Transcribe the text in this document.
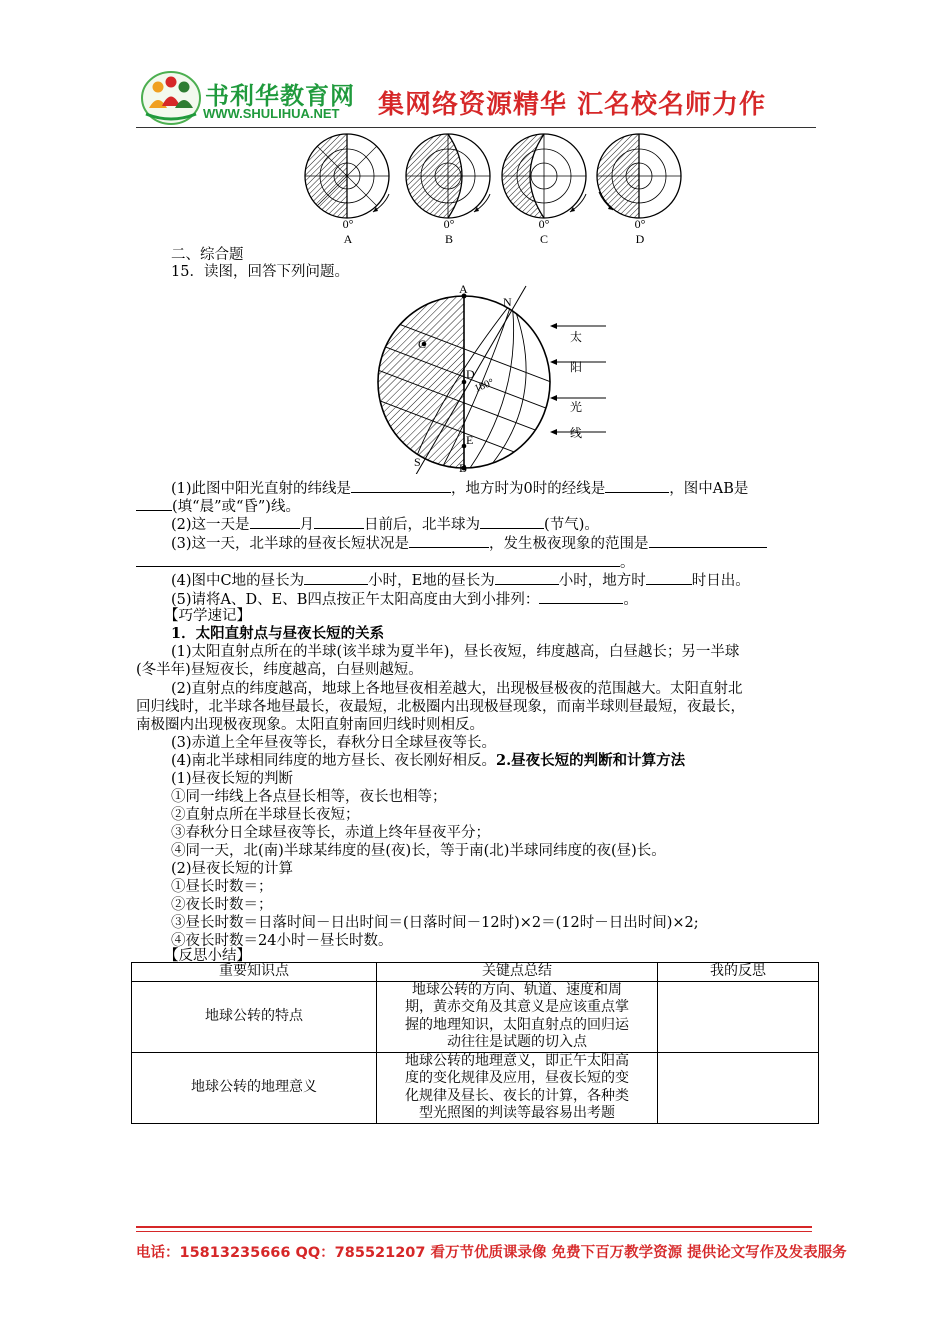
书利华教育网
WWW.SHULIHUA.NET 集网络资源精华 汇名校名师力作
0°	0°	0°	0°
A	B	C	D
二、综合题
15．读图，回答下列问题。
A
N
C
D
E
S	B
180°
太
阳
光
线
(1)此图中阳光直射的纬线是	，地方时为0时的经线是	，图中AB是
(填“晨”或“昏”)线。
(2)这一天是	月	日前后，北半球为	(节气)。
(3)这一天，北半球的昼夜长短状况是	，发生极夜现象的范围是
。
(4)图中C地的昼长为	小时，E地的昼长为	小时，地方时	时日出。
(5)请将A、D、E、B四点按正午太阳高度由大到小排列：	。
【巧学速记】
1．太阳直射点与昼夜长短的关系
(1)太阳直射点所在的半球(该半球为夏半年)，昼长夜短，纬度越高，白昼越长；另一半球
(冬半年)昼短夜长，纬度越高，白昼则越短。
(2)直射点的纬度越高，地球上各地昼夜相差越大，出现极昼极夜的范围越大。太阳直射北
回归线时，北半球各地昼最长，夜最短，北极圈内出现极昼现象，而南半球则昼最短，夜最长，
南极圈内出现极夜现象。太阳直射南回归线时则相反。
(3)赤道上全年昼夜等长，春秋分日全球昼夜等长。
(4)南北半球相同纬度的地方昼长、夜长刚好相反。2.昼夜长短的判断和计算方法
(1)昼夜长短的判断
①同一纬线上各点昼长相等，夜长也相等；
②直射点所在半球昼长夜短；
③春秋分日全球昼夜等长，赤道上终年昼夜平分；
④同一天，北(南)半球某纬度的昼(夜)长，等于南(北)半球同纬度的夜(昼)长。
(2)昼夜长短的计算
①昼长时数＝；
②夜长时数＝；
③昼长时数＝日落时间－日出时间＝(日落时间－12时)×2＝(12时－日出时间)×2;
④夜长时数＝24小时－昼长时数。
【反思小结】
重要知识点	关键点总结	我的反思
地球公转的特点	地球公转的方向、轨道、速度和周
期，黄赤交角及其意义是应该重点掌
握的地理知识，太阳直射点的回归运
动往往是试题的切入点	

地球公转的地理意义	地球公转的地理意义，即正午太阳高
度的变化规律及应用，昼夜长短的变
化规律及昼长、夜长的计算，各种类
型光照图的判读等最容易出考题	

电话：15813235666 QQ：785521207 看万节优质课录像 免费下百万教学资源 提供论文写作及发表服务
